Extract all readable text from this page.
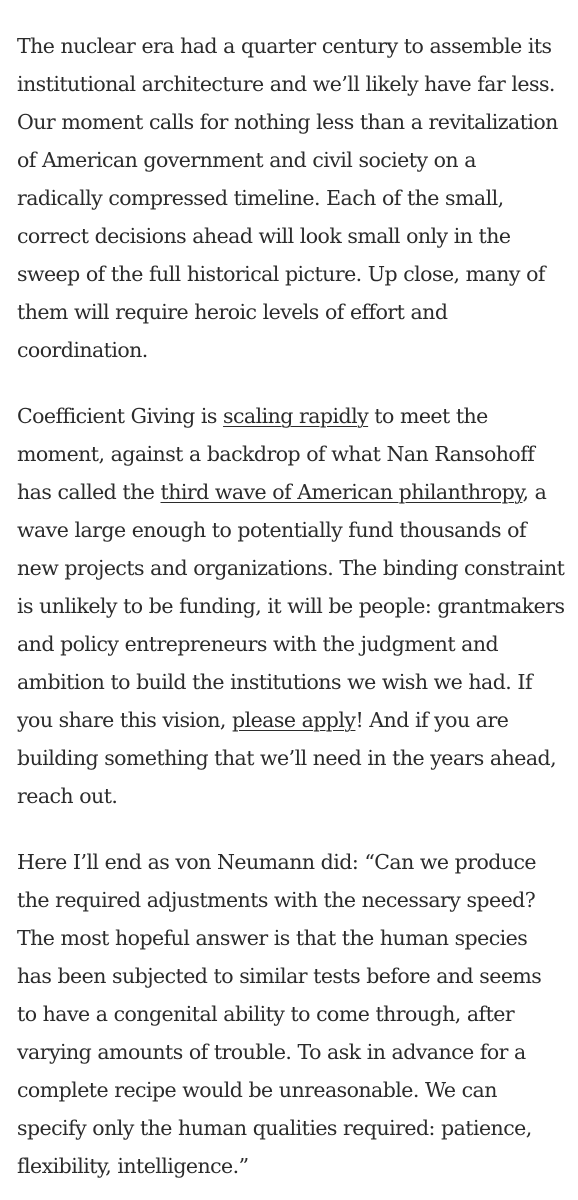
The nuclear era had a quarter century to assemble its institutional architecture and we’ll likely have far less. Our moment calls for nothing less than a revitalization of American government and civil society on a radically compressed timeline. Each of the small, correct decisions ahead will look small only in the sweep of the full historical picture. Up close, many of them will require heroic levels of effort and coordination.

Coefficient Giving is scaling rapidly to meet the moment, against a backdrop of what Nan Ransohoff has called the third wave of American philanthropy, a wave large enough to potentially fund thousands of new projects and organizations. The binding constraint is unlikely to be funding, it will be people: grantmakers and policy entrepreneurs with the judgment and ambition to build the institutions we wish we had. If you share this vision, please apply! And if you are building something that we’ll need in the years ahead, reach out.

Here I’ll end as von Neumann did: “Can we produce the required adjustments with the necessary speed? The most hopeful answer is that the human species has been subjected to similar tests before and seems to have a congenital ability to come through, after varying amounts of trouble. To ask in advance for a complete recipe would be unreasonable. We can specify only the human qualities required: patience, flexibility, intelligence.”
